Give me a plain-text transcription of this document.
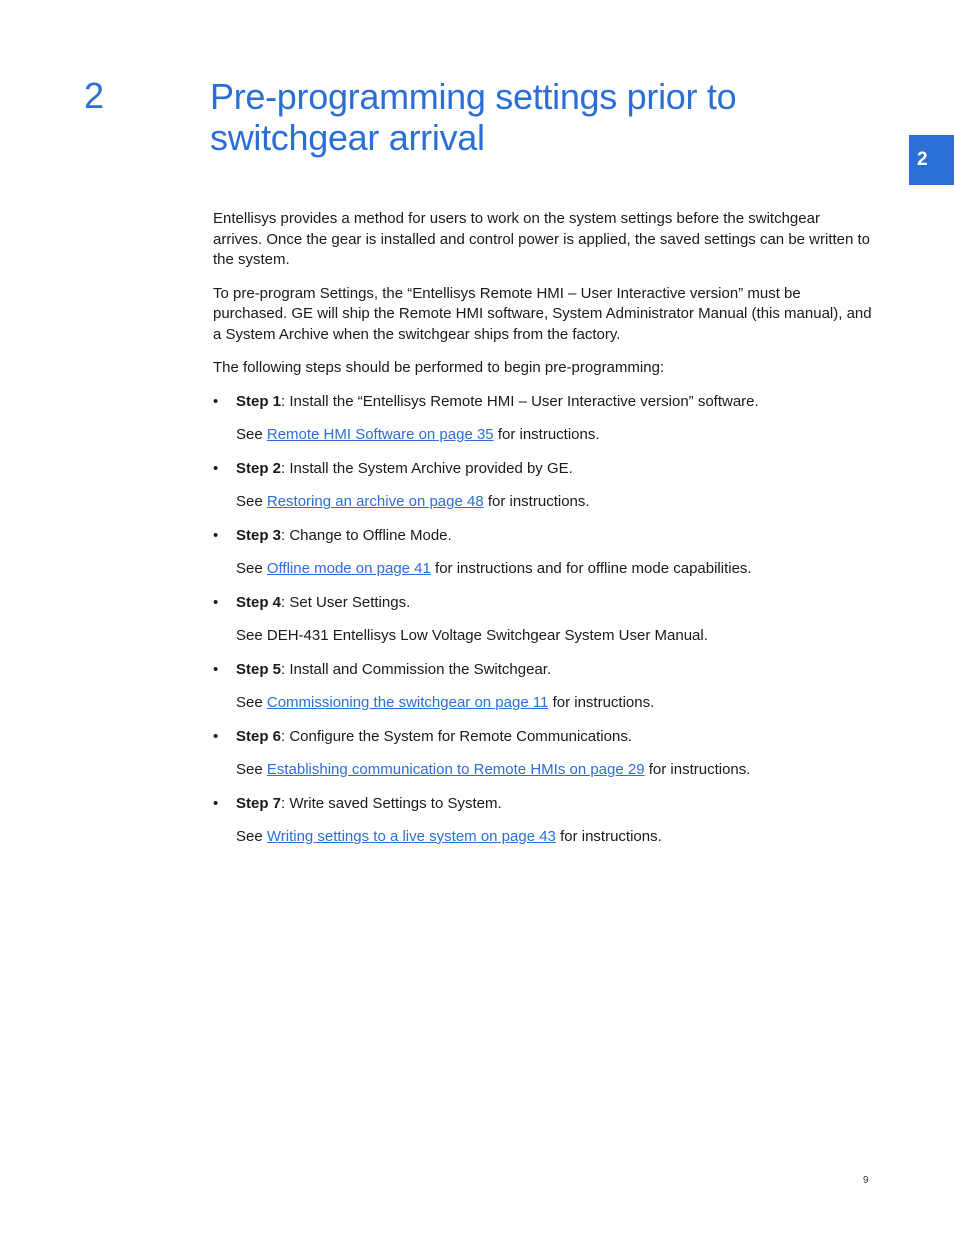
2	Pre-programming settings prior to switchgear arrival
2

Entellisys provides a method for users to work on the system settings before the switchgear arrives. Once the gear is installed and control power is applied, the saved settings can be written to the system.

To pre-program Settings, the “Entellisys Remote HMI – User Interactive version” must be purchased. GE will ship the Remote HMI software, System Administrator Manual (this manual), and a System Archive when the switchgear ships from the factory.

The following steps should be performed to begin pre-programming:

• Step 1: Install the “Entellisys Remote HMI – User Interactive version” software.

See Remote HMI Software on page 35 for instructions.

• Step 2: Install the System Archive provided by GE.

See Restoring an archive on page 48 for instructions.

• Step 3: Change to Offline Mode.

See Offline mode on page 41 for instructions and for offline mode capabilities.

• Step 4: Set User Settings.

See DEH-431 Entellisys Low Voltage Switchgear System User Manual.

• Step 5: Install and Commission the Switchgear.

See Commissioning the switchgear on page 11 for instructions.

• Step 6: Configure the System for Remote Communications.

See Establishing communication to Remote HMIs on page 29 for instructions.

• Step 7: Write saved Settings to System.

See Writing settings to a live system on page 43 for instructions.

9
